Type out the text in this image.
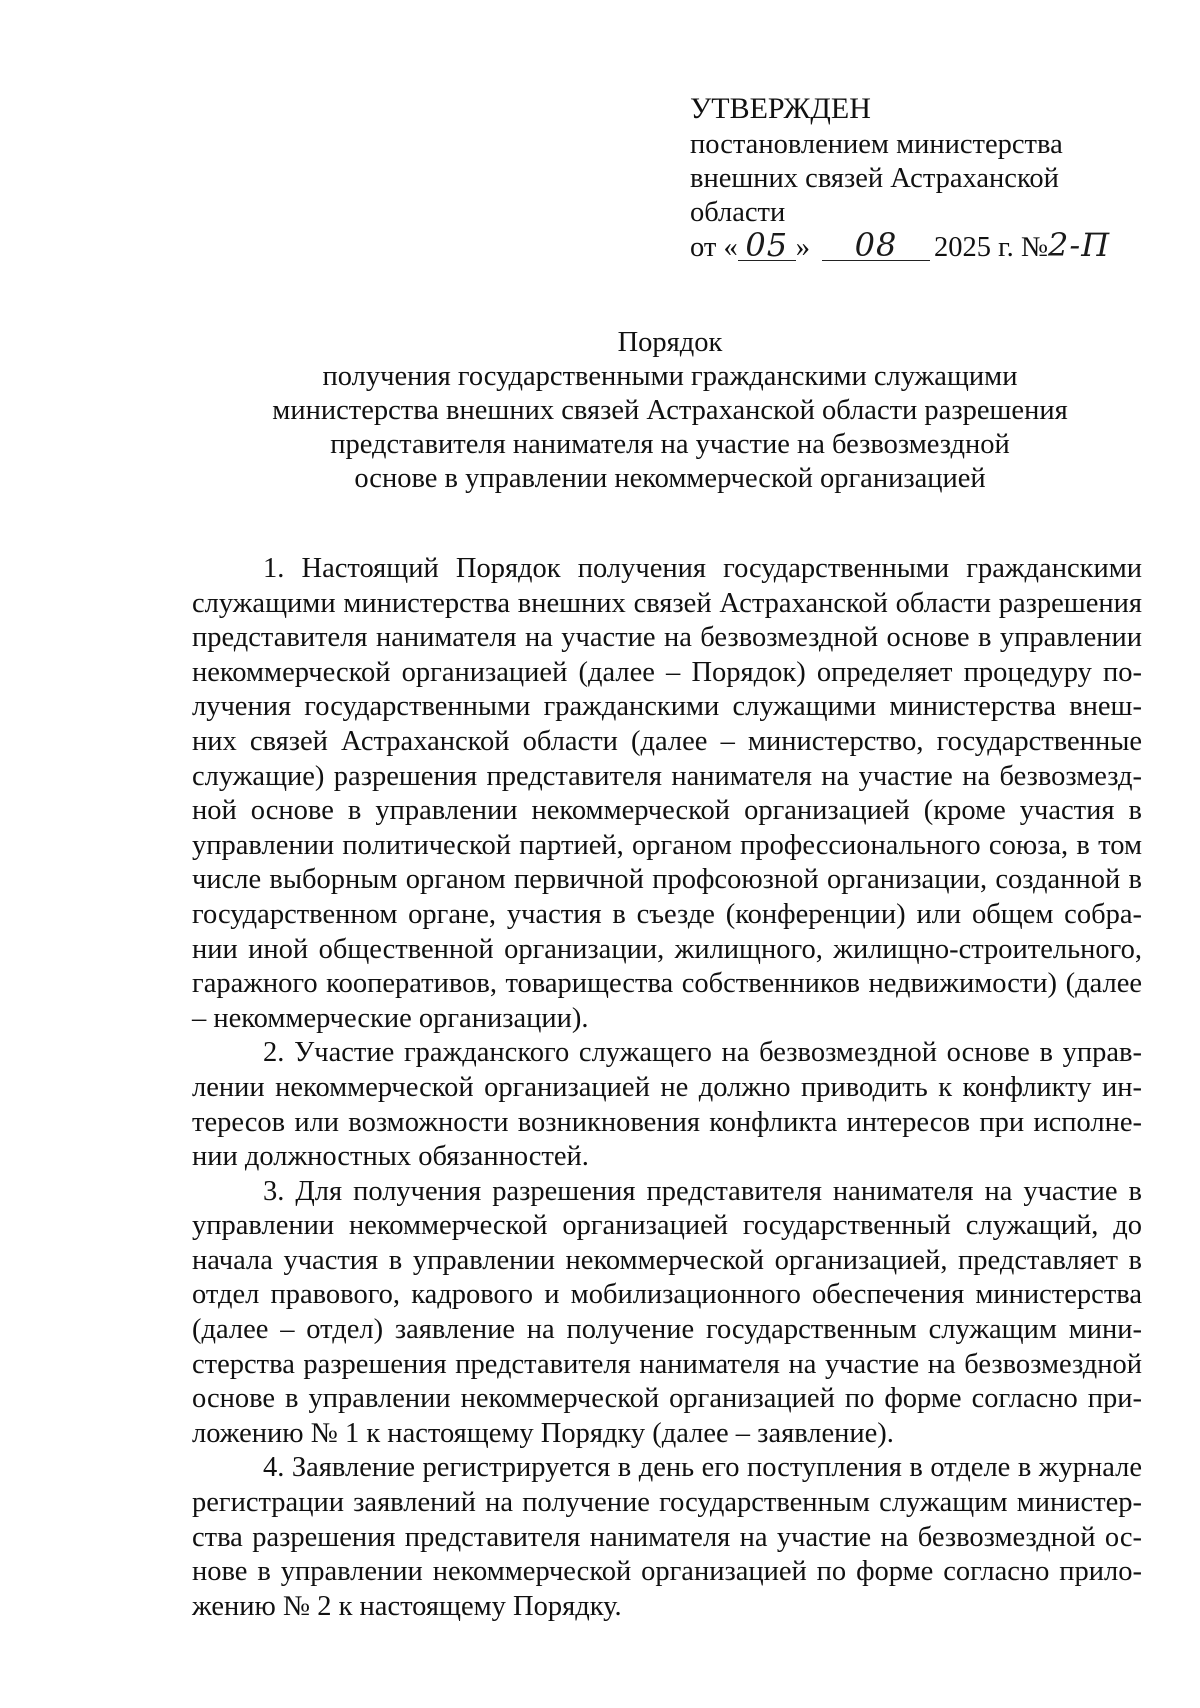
УТВЕРЖДЕН
постановлением министерства
внешних связей Астраханской
области
от « 05 » 08 2025 г. №2-П
Порядок
получения государственными гражданскими служащими
министерства внешних связей Астраханской области разрешения
представителя нанимателя на участие на безвозмездной
основе в управлении некоммерческой организацией

1. Настоящий Порядок получения государственными гражданскими служащими министерства внешних связей Астраханской области разрешения представителя нанимателя на участие на безвозмездной основе в управлении некоммерческой организацией (далее – Порядок) определяет процедуру получения государственными гражданскими служащими министерства внешних связей Астраханской области (далее – министерство, государственные служащие) разрешения представителя нанимателя на участие на безвозмездной основе в управлении некоммерческой организацией (кроме участия в управлении политической партией, органом профессионального союза, в том числе выборным органом первичной профсоюзной организации, созданной в государственном органе, участия в съезде (конференции) или общем собрании иной общественной организации, жилищного, жилищно-строительного, гаражного кооперативов, товарищества собственников недвижимости) (далее – некоммерческие организации).

2. Участие гражданского служащего на безвозмездной основе в управлении некоммерческой организацией не должно приводить к конфликту интересов или возможности возникновения конфликта интересов при исполнении должностных обязанностей.

3. Для получения разрешения представителя нанимателя на участие в управлении некоммерческой организацией государственный служащий, до начала участия в управлении некоммерческой организацией, представляет в отдел правового, кадрового и мобилизационного обеспечения министерства (далее – отдел) заявление на получение государственным служащим министерства разрешения представителя нанимателя на участие на безвозмездной основе в управлении некоммерческой организацией по форме согласно приложению № 1 к настоящему Порядку (далее – заявление).

4. Заявление регистрируется в день его поступления в отделе в журнале регистрации заявлений на получение государственным служащим министерства разрешения представителя нанимателя на участие на безвозмездной основе в управлении некоммерческой организацией по форме согласно приложению № 2 к настоящему Порядку.
